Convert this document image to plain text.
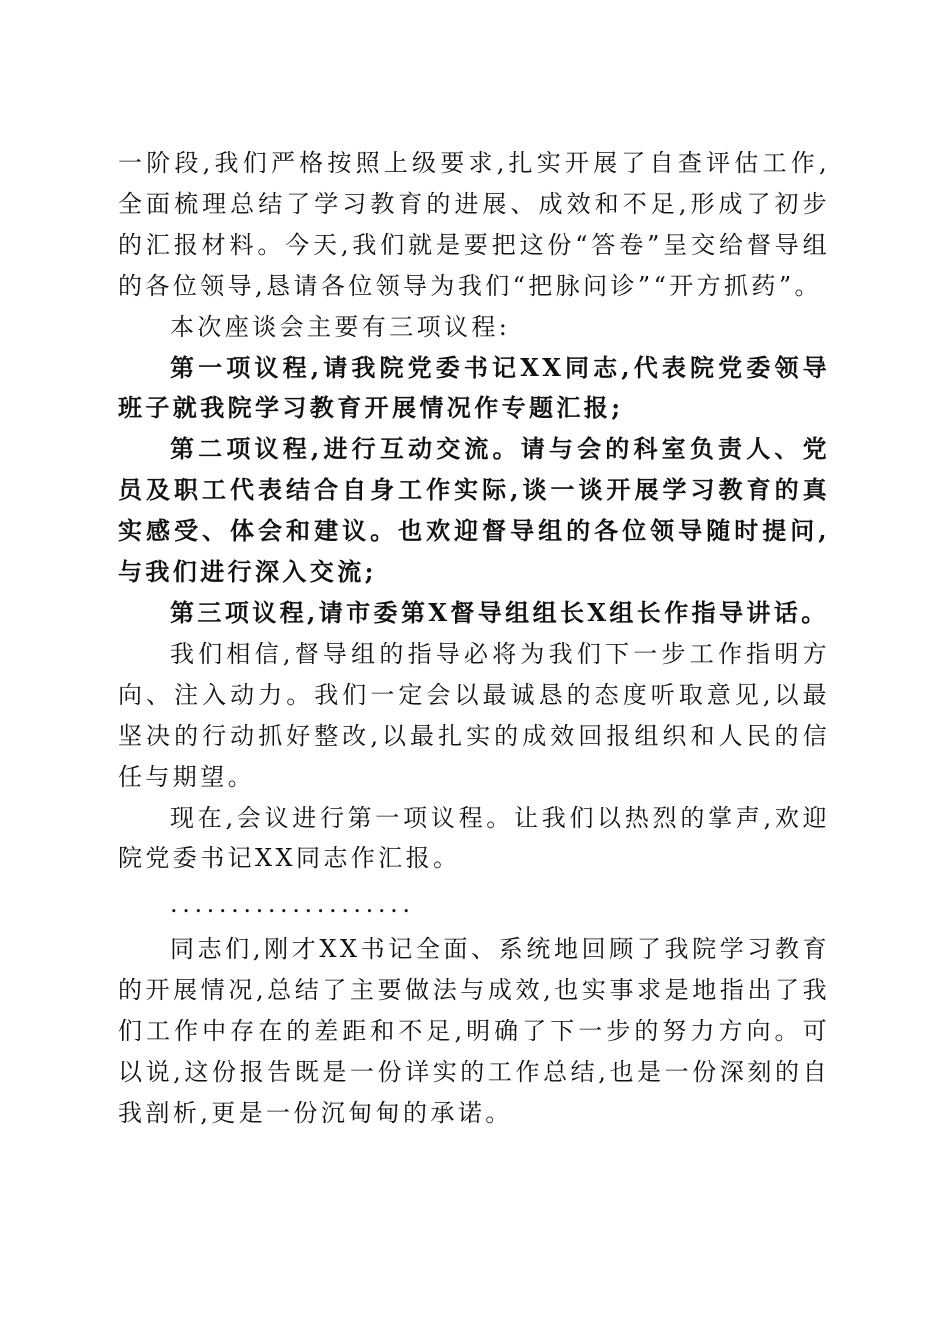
一阶段,我们严格按照上级要求,扎实开展了自查评估工作,全面梳理总结了学习教育的进展、成效和不足,形成了初步的汇报材料。今天,我们就是要把这份“答卷”呈交给督导组的各位领导,恳请各位领导为我们“把脉问诊”“开方抓药”。

本次座谈会主要有三项议程:

第一项议程,请我院党委书记XX同志,代表院党委领导班子就我院学习教育开展情况作专题汇报;

第二项议程,进行互动交流。请与会的科室负责人、党员及职工代表结合自身工作实际,谈一谈开展学习教育的真实感受、体会和建议。也欢迎督导组的各位领导随时提问,与我们进行深入交流;

第三项议程,请市委第X督导组组长X组长作指导讲话。

我们相信,督导组的指导必将为我们下一步工作指明方向、注入动力。我们一定会以最诚恳的态度听取意见,以最坚决的行动抓好整改,以最扎实的成效回报组织和人民的信任与期望。

现在,会议进行第一项议程。让我们以热烈的掌声,欢迎院党委书记XX同志作汇报。

....................

同志们,刚才XX书记全面、系统地回顾了我院学习教育的开展情况,总结了主要做法与成效,也实事求是地指出了我们工作中存在的差距和不足,明确了下一步的努力方向。可以说,这份报告既是一份详实的工作总结,也是一份深刻的自我剖析,更是一份沉甸甸的承诺。
